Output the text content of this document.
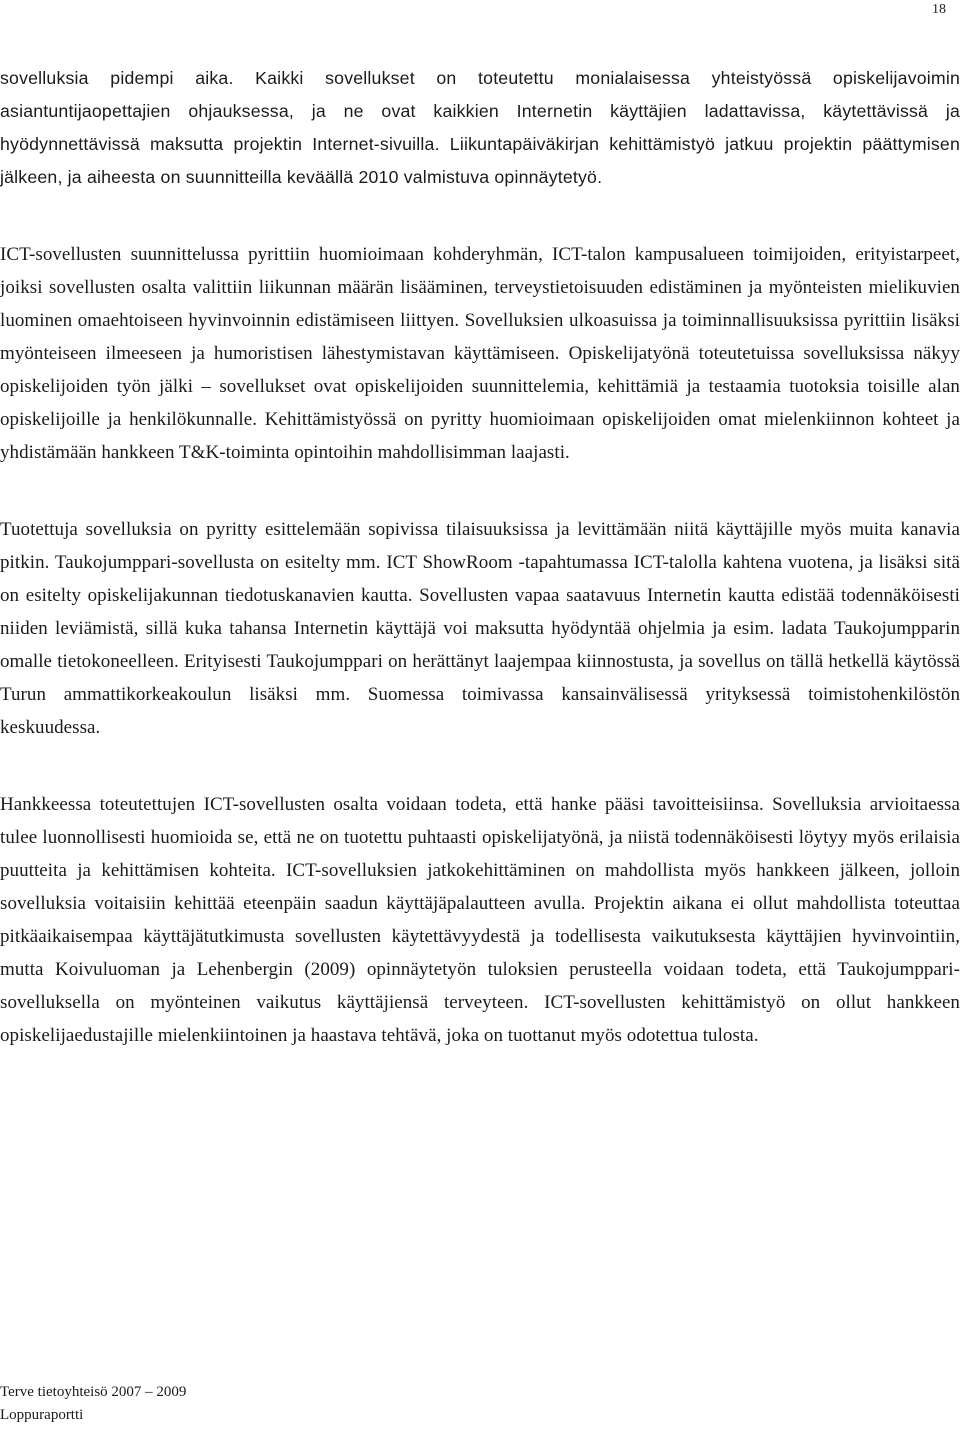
18

sovelluksia pidempi aika. Kaikki sovellukset on toteutettu monialaisessa yhteistyössä opiskelijavoimin asiantuntijaopettajien ohjauksessa, ja ne ovat kaikkien Internetin käyttäjien ladattavissa, käytettävissä ja hyödynnettävissä maksutta projektin Internet-sivuilla. Liikuntapäiväkirjan kehittämistyö jatkuu projektin päättymisen jälkeen, ja aiheesta on suunnitteilla keväällä 2010 valmistuva opinnäytetyö.

ICT-sovellusten suunnittelussa pyrittiin huomioimaan kohderyhmän, ICT-talon kampusalueen toimijoiden, erityistarpeet, joiksi sovellusten osalta valittiin liikunnan määrän lisääminen, terveystietoisuuden edistäminen ja myönteisten mielikuvien luominen omaehtoiseen hyvinvoinnin edistämiseen liittyen. Sovelluksien ulkoasuissa ja toiminnallisuuksissa pyrittiin lisäksi myönteiseen ilmeeseen ja humoristisen lähestymistavan käyttämiseen. Opiskelijatyönä toteutetuissa sovelluksissa näkyy opiskelijoiden työn jälki – sovellukset ovat opiskelijoiden suunnittelemia, kehittämiä ja testaamia tuotoksia toisille alan opiskelijoille ja henkilökunnalle. Kehittämistyössä on pyritty huomioimaan opiskelijoiden omat mielenkiinnon kohteet ja yhdistämään hankkeen T&K-toiminta opintoihin mahdollisimman laajasti.

Tuotettuja sovelluksia on pyritty esittelemään sopivissa tilaisuuksissa ja levittämään niitä käyttäjille myös muita kanavia pitkin. Taukojumppari-sovellusta on esitelty mm. ICT ShowRoom -tapahtumassa ICT-talolla kahtena vuotena, ja lisäksi sitä on esitelty opiskelijakunnan tiedotuskanavien kautta. Sovellusten vapaa saatavuus Internetin kautta edistää todennäköisesti niiden leviämistä, sillä kuka tahansa Internetin käyttäjä voi maksutta hyödyntää ohjelmia ja esim. ladata Taukojumpparin omalle tietokoneelleen. Erityisesti Taukojumppari on herättänyt laajempaa kiinnostusta, ja sovellus on tällä hetkellä käytössä Turun ammattikorkeakoulun lisäksi mm. Suomessa toimivassa kansainvälisessä yrityksessä toimistohenkilöstön keskuudessa.

Hankkeessa toteutettujen ICT-sovellusten osalta voidaan todeta, että hanke pääsi tavoitteisiinsa. Sovelluksia arvioitaessa tulee luonnollisesti huomioida se, että ne on tuotettu puhtaasti opiskelijatyönä, ja niistä todennäköisesti löytyy myös erilaisia puutteita ja kehittämisen kohteita. ICT-sovelluksien jatkokehittäminen on mahdollista myös hankkeen jälkeen, jolloin sovelluksia voitaisiin kehittää eteenpäin saadun käyttäjäpalautteen avulla. Projektin aikana ei ollut mahdollista toteuttaa pitkäaikaisempaa käyttäjätutkimusta sovellusten käytettävyydestä ja todellisesta vaikutuksesta käyttäjien hyvinvointiin, mutta Koivuluoman ja Lehenbergin (2009) opinnäytetyön tuloksien perusteella voidaan todeta, että Taukojumppari-sovelluksella on myönteinen vaikutus käyttäjiensä terveyteen. ICT-sovellusten kehittämistyö on ollut hankkeen opiskelijaedustajille mielenkiintoinen ja haastava tehtävä, joka on tuottanut myös odotettua tulosta.

Terve tietoyhteisö 2007 – 2009
Loppuraportti
